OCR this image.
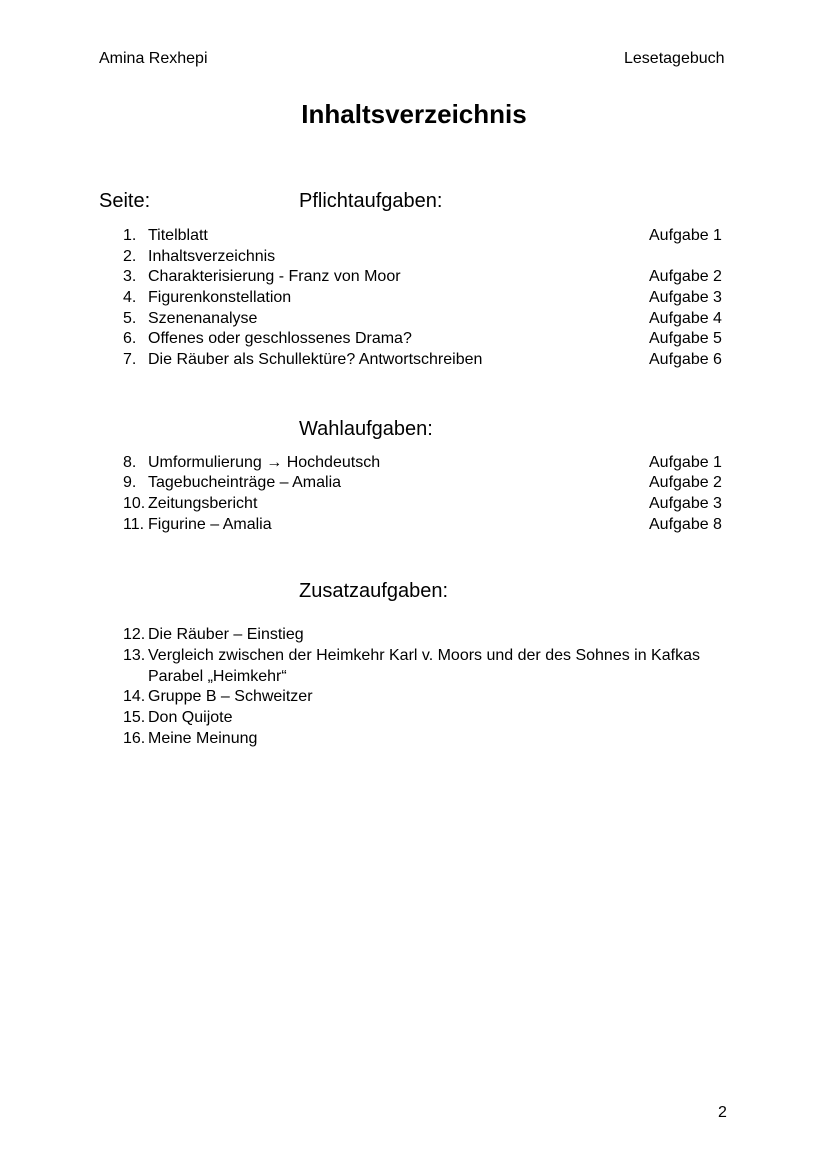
Amina Rexhepi	Lesetagebuch
Inhaltsverzeichnis
Seite:	Pflichtaufgaben:
1. Titelblatt	Aufgabe 1
2. Inhaltsverzeichnis
3. Charakterisierung - Franz von Moor	Aufgabe 2
4. Figurenkonstellation	Aufgabe 3
5. Szenenanalyse	Aufgabe 4
6. Offenes oder geschlossenes Drama?	Aufgabe 5
7. Die Räuber als Schullektüre? Antwortschreiben	Aufgabe 6
Wahlaufgaben:
8. Umformulierung → Hochdeutsch	Aufgabe 1
9. Tagebucheinträge – Amalia	Aufgabe 2
10. Zeitungsbericht	Aufgabe 3
11. Figurine – Amalia	Aufgabe 8
Zusatzaufgaben:
12. Die Räuber – Einstieg
13. Vergleich zwischen der Heimkehr Karl v. Moors und der des Sohnes in Kafkas Parabel „Heimkehr“
14. Gruppe B – Schweitzer
15. Don Quijote
16. Meine Meinung
2
